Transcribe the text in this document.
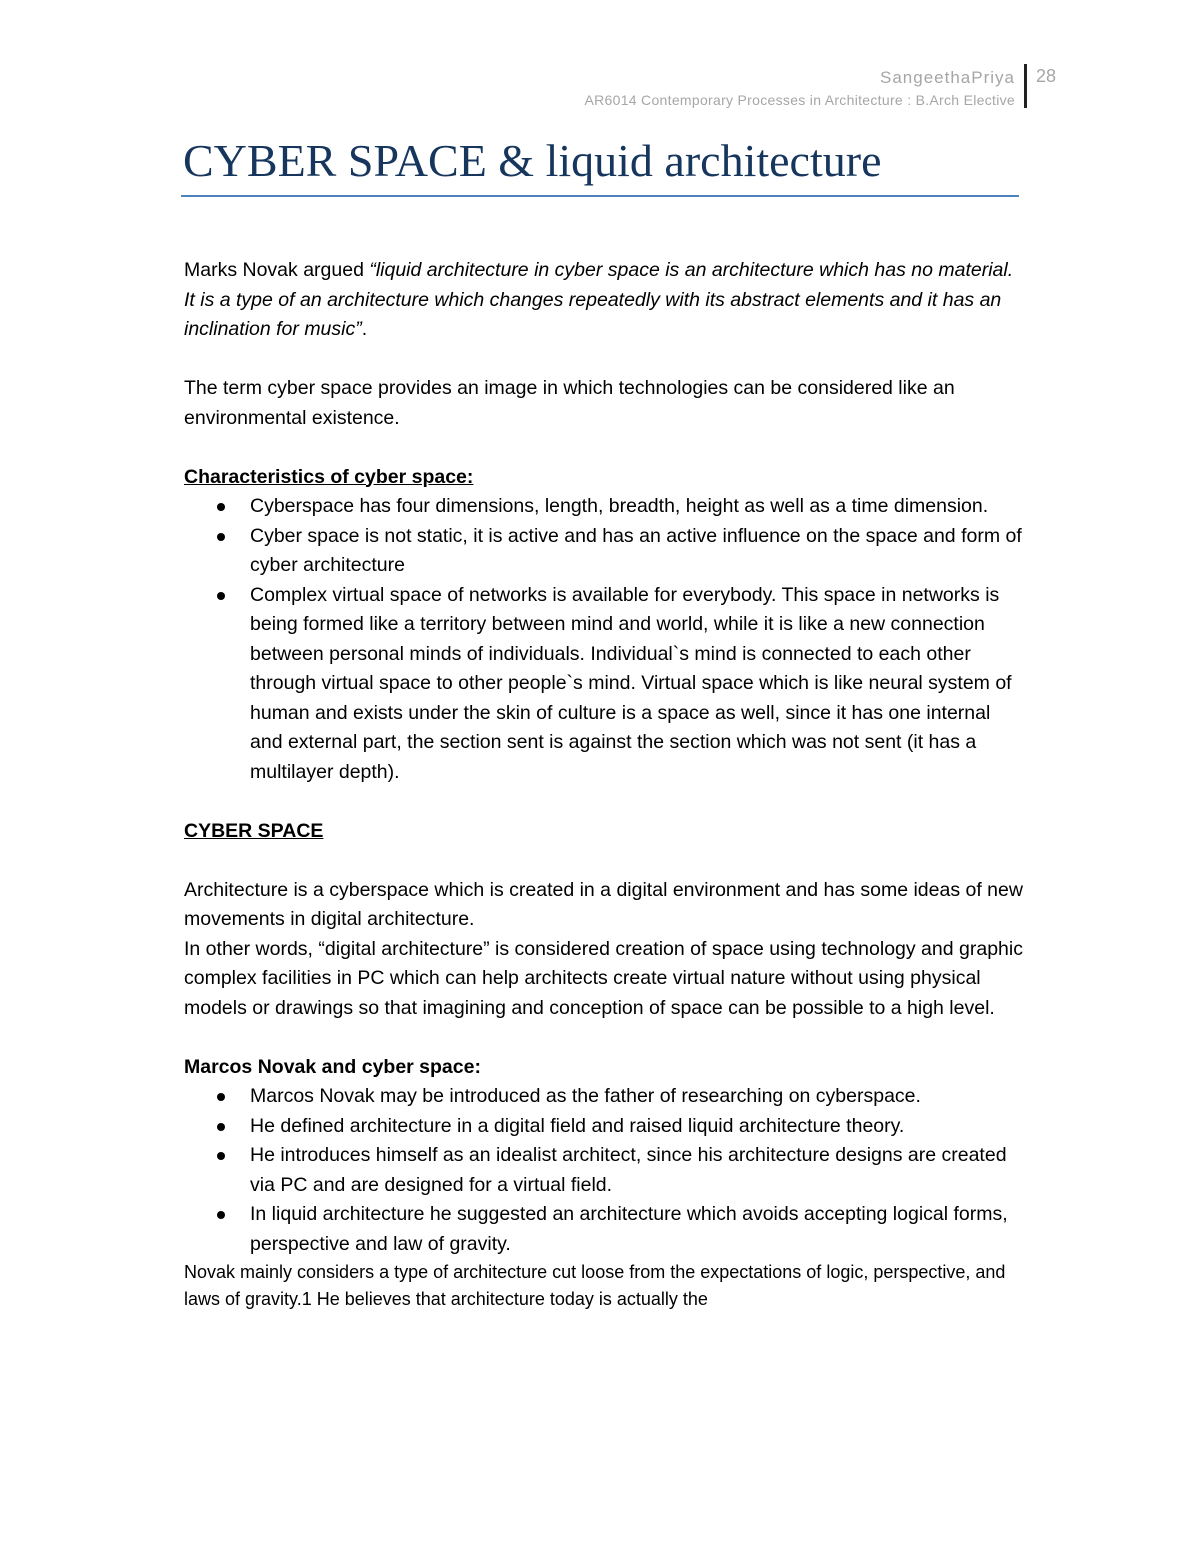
SangeethaPriya
AR6014 Contemporary Processes in Architecture : B.Arch Elective
28
CYBER SPACE & liquid architecture

Marks Novak argued “liquid architecture in cyber space is an architecture which has no material. It is a type of an architecture which changes repeatedly with its abstract elements and it has an inclination for music”.

The term cyber space provides an image in which technologies can be considered like an environmental existence.

Characteristics of cyber space:

Cyberspace has four dimensions, length, breadth, height as well as a time dimension.
Cyber space is not static, it is active and has an active influence on the space and form of cyber architecture
Complex virtual space of networks is available for everybody. This space in networks is being formed like a territory between mind and world, while it is like a new connection between personal minds of individuals. Individual`s mind is connected to each other through virtual space to other people`s mind. Virtual space which is like neural system of human and exists under the skin of culture is a space as well, since it has one internal and external part, the section sent is against the section which was not sent (it has a multilayer depth).

CYBER SPACE

Architecture is a cyberspace which is created in a digital environment and has some ideas of new movements in digital architecture.

In other words, “digital architecture” is considered creation of space using technology and graphic complex facilities in PC which can help architects create virtual nature without using physical models or drawings so that imagining and conception of space can be possible to a high level.

Marcos Novak and cyber space:

Marcos Novak may be introduced as the father of researching on cyberspace.
He defined architecture in a digital field and raised liquid architecture theory.
He introduces himself as an idealist architect, since his architecture designs are created via PC and are designed for a virtual field.
In liquid architecture he suggested an architecture which avoids accepting logical forms, perspective and law of gravity.

Novak mainly considers a type of architecture cut loose from the expectations of logic, perspective, and laws of gravity.1 He believes that architecture today is actually the
